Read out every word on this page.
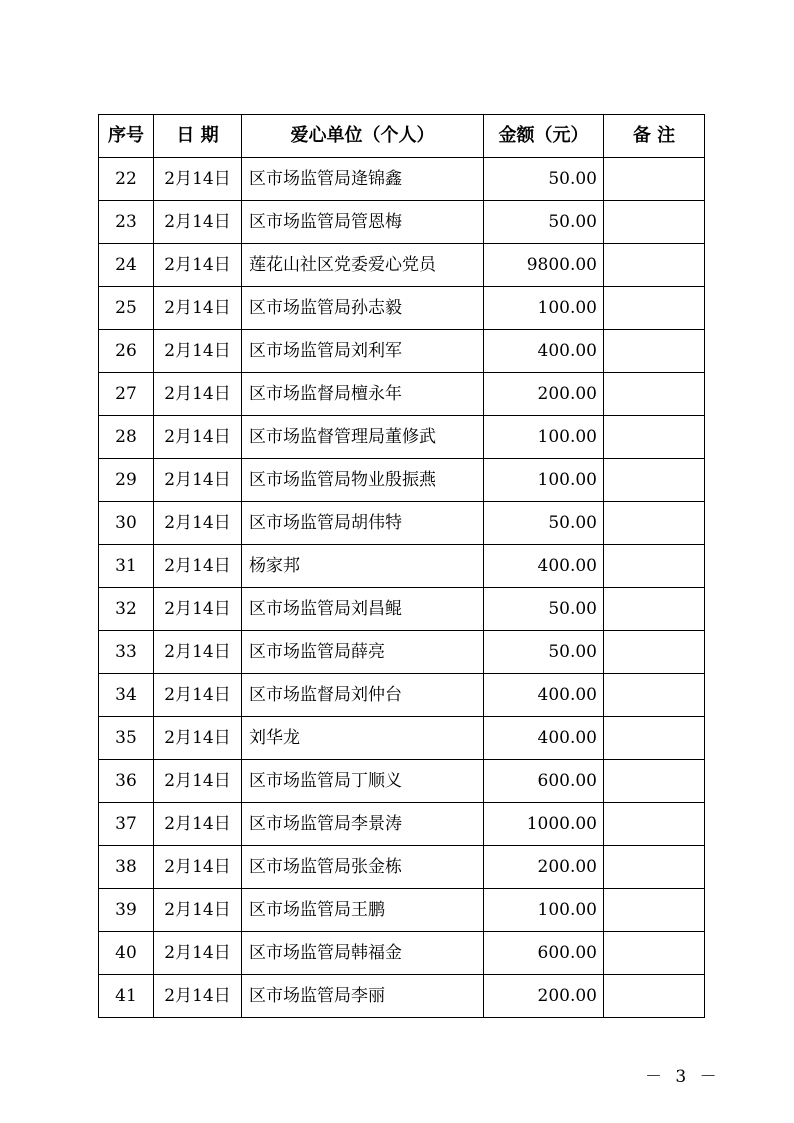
序号	日 期	爱心单位（个人）	金额（元）	备 注
22	2月14日	区市场监管局逄锦鑫	50.00	
23	2月14日	区市场监管局管恩梅	50.00	
24	2月14日	莲花山社区党委爱心党员	9800.00	
25	2月14日	区市场监管局孙志毅	100.00	
26	2月14日	区市场监管局刘利军	400.00	
27	2月14日	区市场监督局檀永年	200.00	
28	2月14日	区市场监督管理局董修武	100.00	
29	2月14日	区市场监管局物业殷振燕	100.00	
30	2月14日	区市场监管局胡伟特	50.00	
31	2月14日	杨家邦	400.00	
32	2月14日	区市场监管局刘昌鲲	50.00	
33	2月14日	区市场监管局薛亮	50.00	
34	2月14日	区市场监督局刘仲台	400.00	
35	2月14日	刘华龙	400.00	
36	2月14日	区市场监管局丁顺义	600.00	
37	2月14日	区市场监管局李景涛	1000.00	
38	2月14日	区市场监管局张金栋	200.00	
39	2月14日	区市场监管局王鹏	100.00	
40	2月14日	区市场监管局韩福金	600.00	
41	2月14日	区市场监管局李丽	200.00	
－ 3 －
